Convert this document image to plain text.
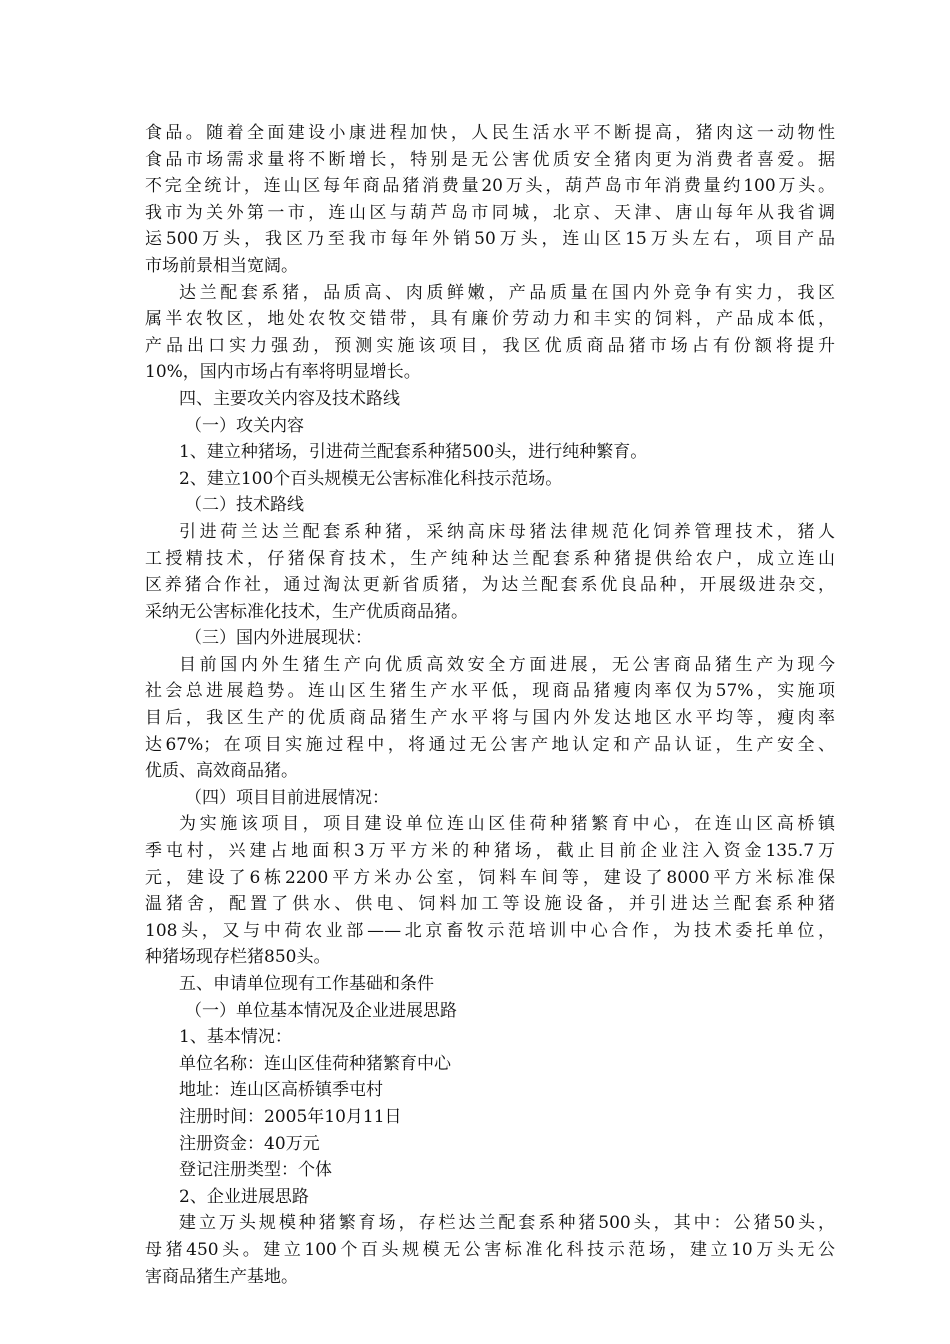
食品。随着全面建设小康进程加快，人民生活水平不断提高，猪肉这一动物性
食品市场需求量将不断增长，特别是无公害优质安全猪肉更为消费者喜爱。据
不完全统计，连山区每年商品猪消费量20万头，葫芦岛市年消费量约100万头。
我市为关外第一市，连山区与葫芦岛市同城，北京、天津、唐山每年从我省调
运500万头，我区乃至我市每年外销50万头，连山区15万头左右，项目产品
市场前景相当宽阔。
达兰配套系猪，品质高、肉质鲜嫩，产品质量在国内外竞争有实力，我区
属半农牧区，地处农牧交错带，具有廉价劳动力和丰实的饲料，产品成本低，
产品出口实力强劲，预测实施该项目，我区优质商品猪市场占有份额将提升
10%，国内市场占有率将明显增长。
四、主要攻关内容及技术路线
（一）攻关内容
1、建立种猪场，引进荷兰配套系种猪500头，进行纯种繁育。
2、建立100个百头规模无公害标准化科技示范场。
（二）技术路线
引进荷兰达兰配套系种猪，采纳高床母猪法律规范化饲养管理技术，猪人
工授精技术，仔猪保育技术，生产纯种达兰配套系种猪提供给农户，成立连山
区养猪合作社，通过淘汰更新省质猪，为达兰配套系优良品种，开展级进杂交，
采纳无公害标准化技术，生产优质商品猪。
（三）国内外进展现状：
目前国内外生猪生产向优质高效安全方面进展，无公害商品猪生产为现今
社会总进展趋势。连山区生猪生产水平低，现商品猪瘦肉率仅为57%，实施项
目后，我区生产的优质商品猪生产水平将与国内外发达地区水平均等，瘦肉率
达67%；在项目实施过程中，将通过无公害产地认定和产品认证，生产安全、
优质、高效商品猪。
（四）项目目前进展情况：
为实施该项目，项目建设单位连山区佳荷种猪繁育中心，在连山区高桥镇
季屯村，兴建占地面积3万平方米的种猪场，截止目前企业注入资金135.7万
元，建设了6栋2200平方米办公室，饲料车间等，建设了8000平方米标准保
温猪舍，配置了供水、供电、饲料加工等设施设备，并引进达兰配套系种猪
108头，又与中荷农业部——北京畜牧示范培训中心合作，为技术委托单位，
种猪场现存栏猪850头。
五、申请单位现有工作基础和条件
（一）单位基本情况及企业进展思路
1、基本情况：
单位名称：连山区佳荷种猪繁育中心
地址：连山区高桥镇季屯村
注册时间：2005年10月11日
注册资金：40万元
登记注册类型：个体
2、企业进展思路
建立万头规模种猪繁育场，存栏达兰配套系种猪500头，其中：公猪50头，
母猪450头。建立100个百头规模无公害标准化科技示范场，建立10万头无公
害商品猪生产基地。
